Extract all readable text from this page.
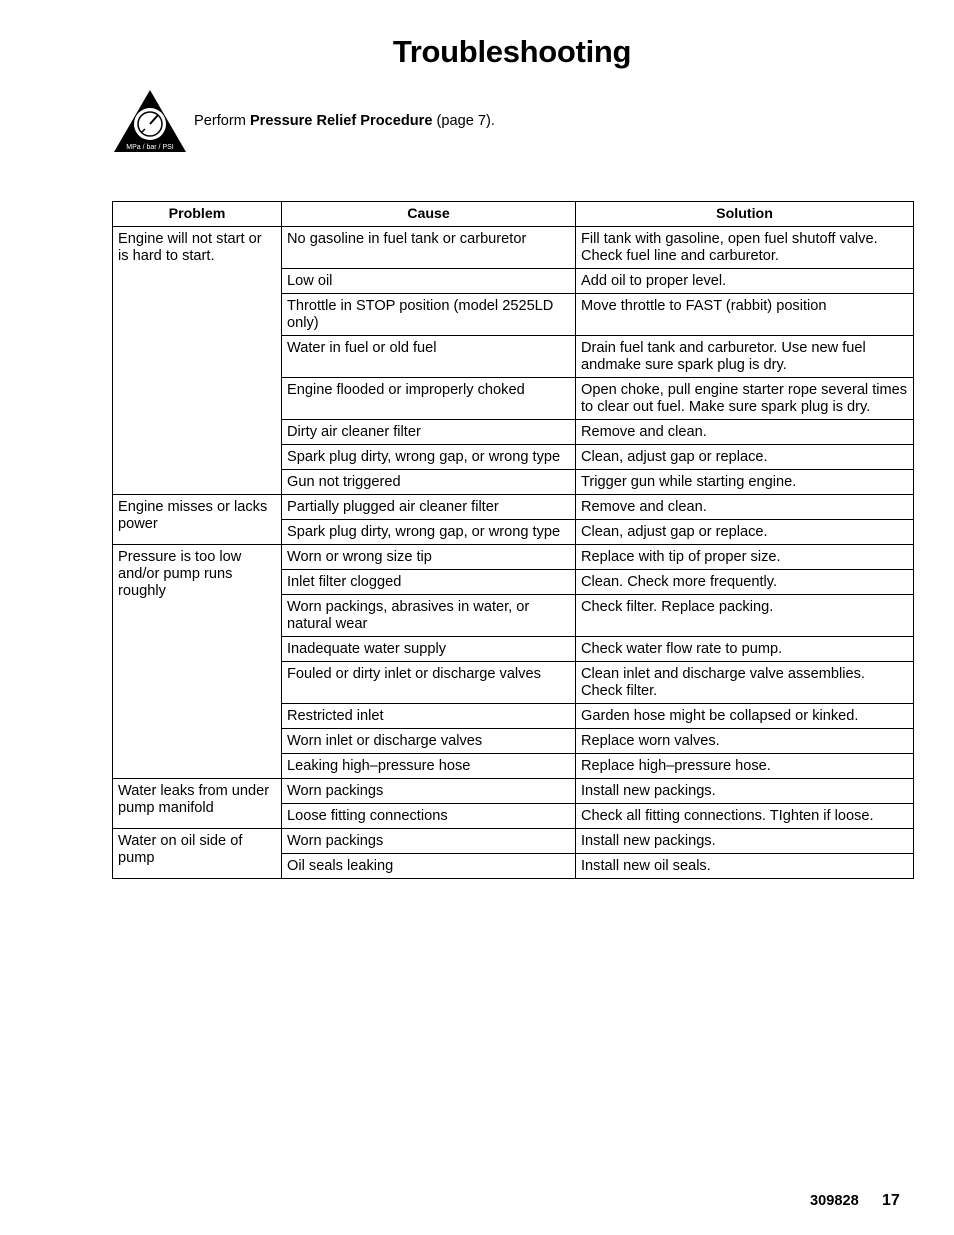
Troubleshooting
MPa / bar / PSI
Perform Pressure Relief Procedure (page 7).
Problem	Cause	Solution
Engine will not start or is hard to start.	No gasoline in fuel tank or carburetor	Fill tank with gasoline, open fuel shutoff valve. Check fuel line and carburetor.
	Low oil	Add oil to proper level.
	Throttle in STOP position (model 2525LD only)	Move throttle to FAST (rabbit) position
	Water in fuel or old fuel	Drain fuel tank and carburetor. Use new fuel andmake sure spark plug is dry.
	Engine flooded or improperly choked	Open choke, pull engine starter rope several times to clear out fuel. Make sure spark plug is dry.
	Dirty air cleaner filter	Remove and clean.
	Spark plug dirty, wrong gap, or wrong type	Clean, adjust gap or replace.
	Gun not triggered	Trigger gun while starting engine.
Engine misses or lacks power	Partially plugged air cleaner filter	Remove and clean.
	Spark plug dirty, wrong gap, or wrong type	Clean, adjust gap or replace.
Pressure is too low and/or pump runs roughly	Worn or wrong size tip	Replace with tip of proper size.
	Inlet filter clogged	Clean. Check more frequently.
	Worn packings, abrasives in water, or natural wear	Check filter. Replace packing.
	Inadequate water supply	Check water flow rate to pump.
	Fouled or dirty inlet or discharge valves	Clean inlet and discharge valve assemblies. Check filter.
	Restricted inlet	Garden hose might be collapsed or kinked.
	Worn inlet or discharge valves	Replace worn valves.
	Leaking high–pressure hose	Replace high–pressure hose.
Water leaks from under pump manifold	Worn packings	Install new packings.
	Loose fitting connections	Check all fitting connections. TIghten if loose.
Water on oil side of pump	Worn packings	Install new packings.
	Oil seals leaking	Install new oil seals.
309828 17
